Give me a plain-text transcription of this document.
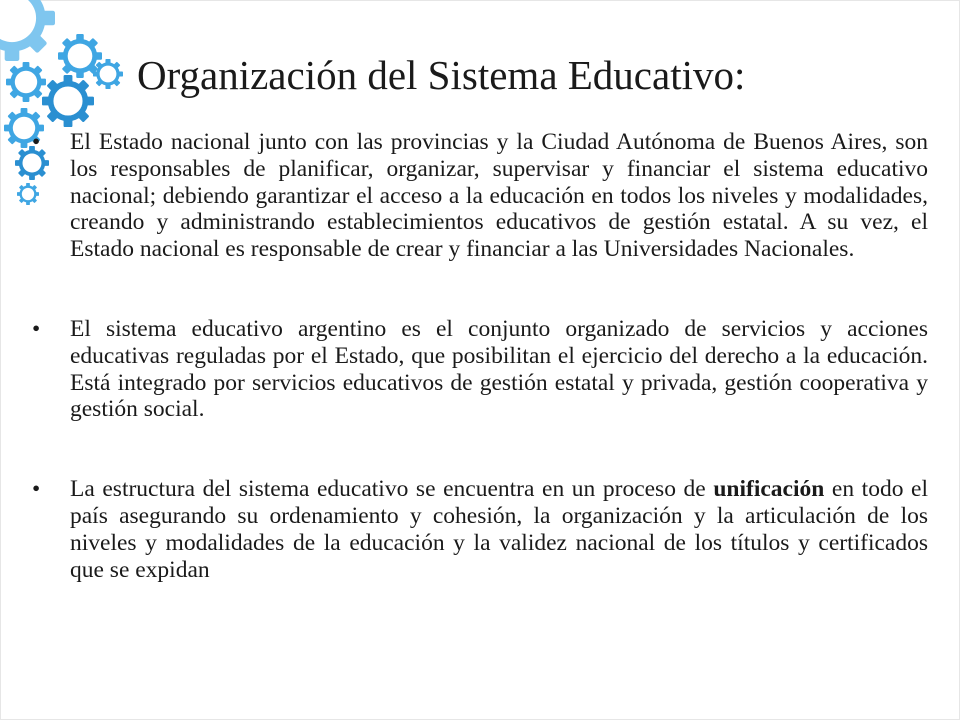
Organización del Sistema Educativo:
• El Estado nacional junto con las provincias y la Ciudad Autónoma de Buenos Aires, son los responsables de planificar, organizar, supervisar y financiar el sistema educativo nacional; debiendo garantizar el acceso a la educación en todos los niveles y modalidades, creando y administrando establecimientos educativos de gestión estatal. A su vez, el Estado nacional es responsable de crear y financiar a las Universidades Nacionales.
• El sistema educativo argentino es el conjunto organizado de servicios y acciones educativas reguladas por el Estado, que posibilitan el ejercicio del derecho a la educación. Está integrado por servicios educativos de gestión estatal y privada, gestión cooperativa y gestión social.
• La estructura del sistema educativo se encuentra en un proceso de unificación en todo el país asegurando su ordenamiento y cohesión, la organización y la articulación de los niveles y modalidades de la educación y la validez nacional de los títulos y certificados que se expidan
